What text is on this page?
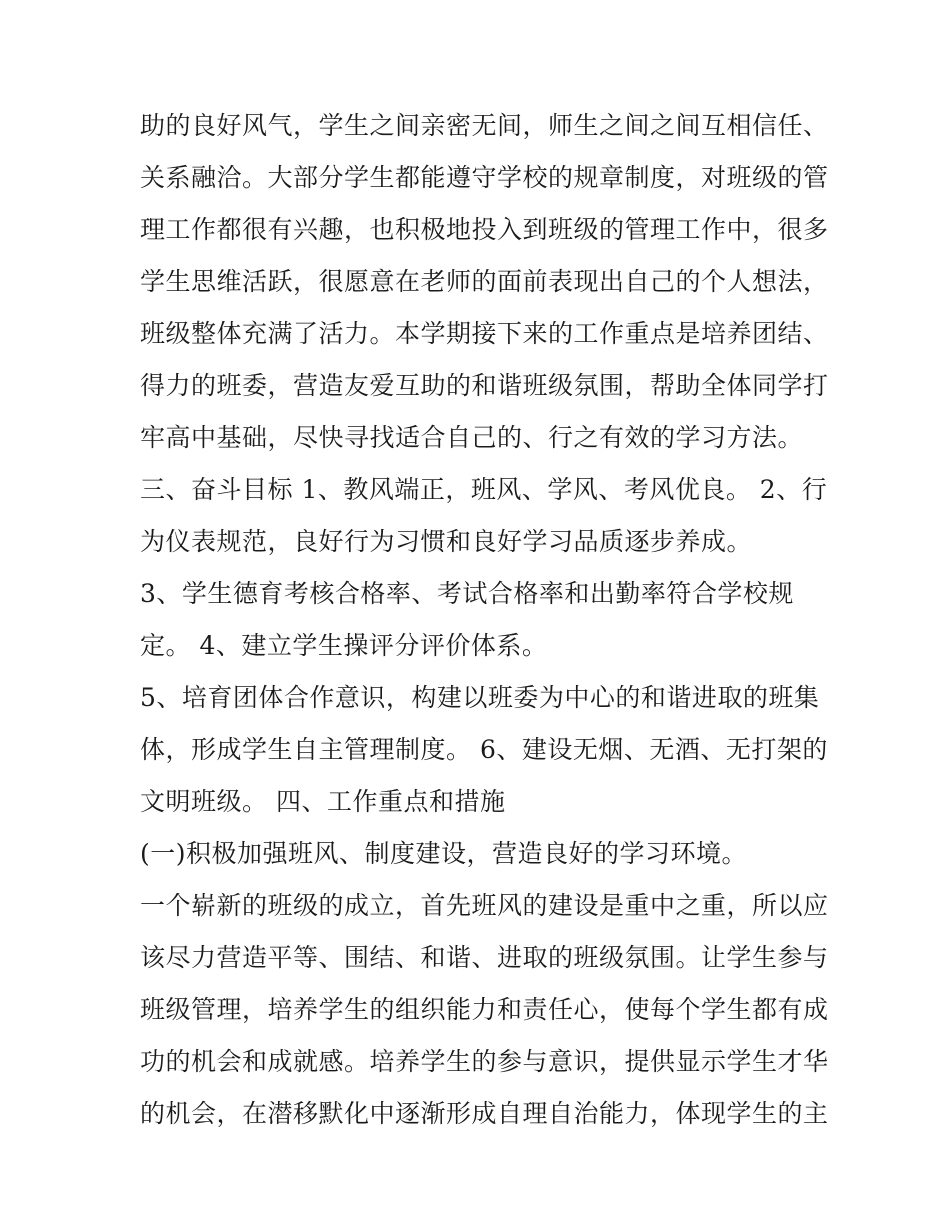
助的良好风气，学生之间亲密无间，师生之间之间互相信任、
关系融洽。大部分学生都能遵守学校的规章制度，对班级的管
理工作都很有兴趣，也积极地投入到班级的管理工作中，很多
学生思维活跃，很愿意在老师的面前表现出自己的个人想法，
班级整体充满了活力。本学期接下来的工作重点是培养团结、
得力的班委，营造友爱互助的和谐班级氛围，帮助全体同学打
牢高中基础，尽快寻找适合自己的、行之有效的学习方法。
三、奋斗目标 1、教风端正，班风、学风、考风优良。 2、行
为仪表规范，良好行为习惯和良好学习品质逐步养成。
3、学生德育考核合格率、考试合格率和出勤率符合学校规
定。 4、建立学生操评分评价体系。
5、培育团体合作意识，构建以班委为中心的和谐进取的班集
体，形成学生自主管理制度。 6、建设无烟、无酒、无打架的
文明班级。 四、工作重点和措施
(一)积极加强班风、制度建设，营造良好的学习环境。
一个崭新的班级的成立，首先班风的建设是重中之重，所以应
该尽力营造平等、围结、和谐、进取的班级氛围。让学生参与
班级管理，培养学生的组织能力和责任心，使每个学生都有成
功的机会和成就感。培养学生的参与意识，提供显示学生才华
的机会，在潜移默化中逐渐形成自理自治能力，体现学生的主
